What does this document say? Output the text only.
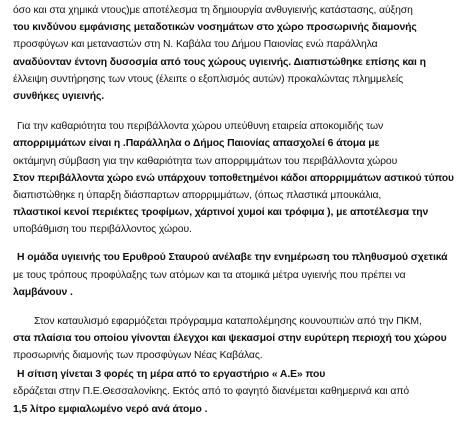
όσο και στα χημικά ντους)με αποτέλεσμα τη δημιουργία ανθυγιεινής κατάστασης, αύξηση
του κινδύνου εμφάνισης μεταδοτικών νοσημάτων στο χώρο προσωρινής διαμονής
προσφύγων και μεταναστών στη Ν. Καβάλα του Δήμου Παιονίας ενώ παράλληλα
αναδύονταν έντονη δυσοσμία από τους χώρους υγιεινής. Διαπιστώθηκε επίσης και η
έλλειψη συντήρησης των ντους (έλειπε ο εξοπλισμός αυτών) προκαλώντας πλημμελείς
συνθήκες υγιεινής.
Για την καθαριότητα του περιβάλλοντα χώρου υπεύθυνη εταιρεία αποκομιδής των
απορριμμάτων είναι η .Παράλληλα ο Δήμος Παιονίας απασχολεί 6 άτομα με
οκτάμηνη σύμβαση για την καθαριότητα των απορριμμάτων του περιβάλλοντα χώρου
Στον περιβάλλοντα χώρο ενώ υπάρχουν τοποθετημένοι κάδοι απορριμμάτων αστικού τύπου
διαπιστώθηκε η ύπαρξη διάσπαρτων απορριμμάτων, (όπως πλαστικά μπουκάλια,
πλαστικοί κενοί περιέκτες τροφίμων, χάρτινοί χυμοί και τρόφιμα ), με αποτέλεσμα την
υποβάθμιση του περιβάλλοντος χώρου.
Η ομάδα υγιεινής του Ερυθρού Σταυρού ανέλαβε την ενημέρωση του πληθυσμού σχετικά
με τους τρόπους προφύλαξης των ατόμων και τα ατομικά μέτρα υγιεινής που πρέπει να
λαμβάνουν .
Στον καταυλισμό εφαρμόζεται πρόγραμμα καταπολέμησης κουνουπιών από την ΠΚΜ,
στα πλαίσια του οποίου γίνονται έλεγχοι και ψεκασμοί στην ευρύτερη περιοχή του χώρου
προσωρινής διαμονής των προσφύγων Νέας Καβάλας.
Η σίτιση γίνεται 3 φορές τη μέρα από το εργαστήριο « Α.Ε» που
εδράζεται στην Π.Ε.Θεσσαλονίκης. Εκτός από το φαγητό διανέμεται καθημερινά και από
1,5 λίτρο εμφιαλωμένο νερό ανά άτομο .
